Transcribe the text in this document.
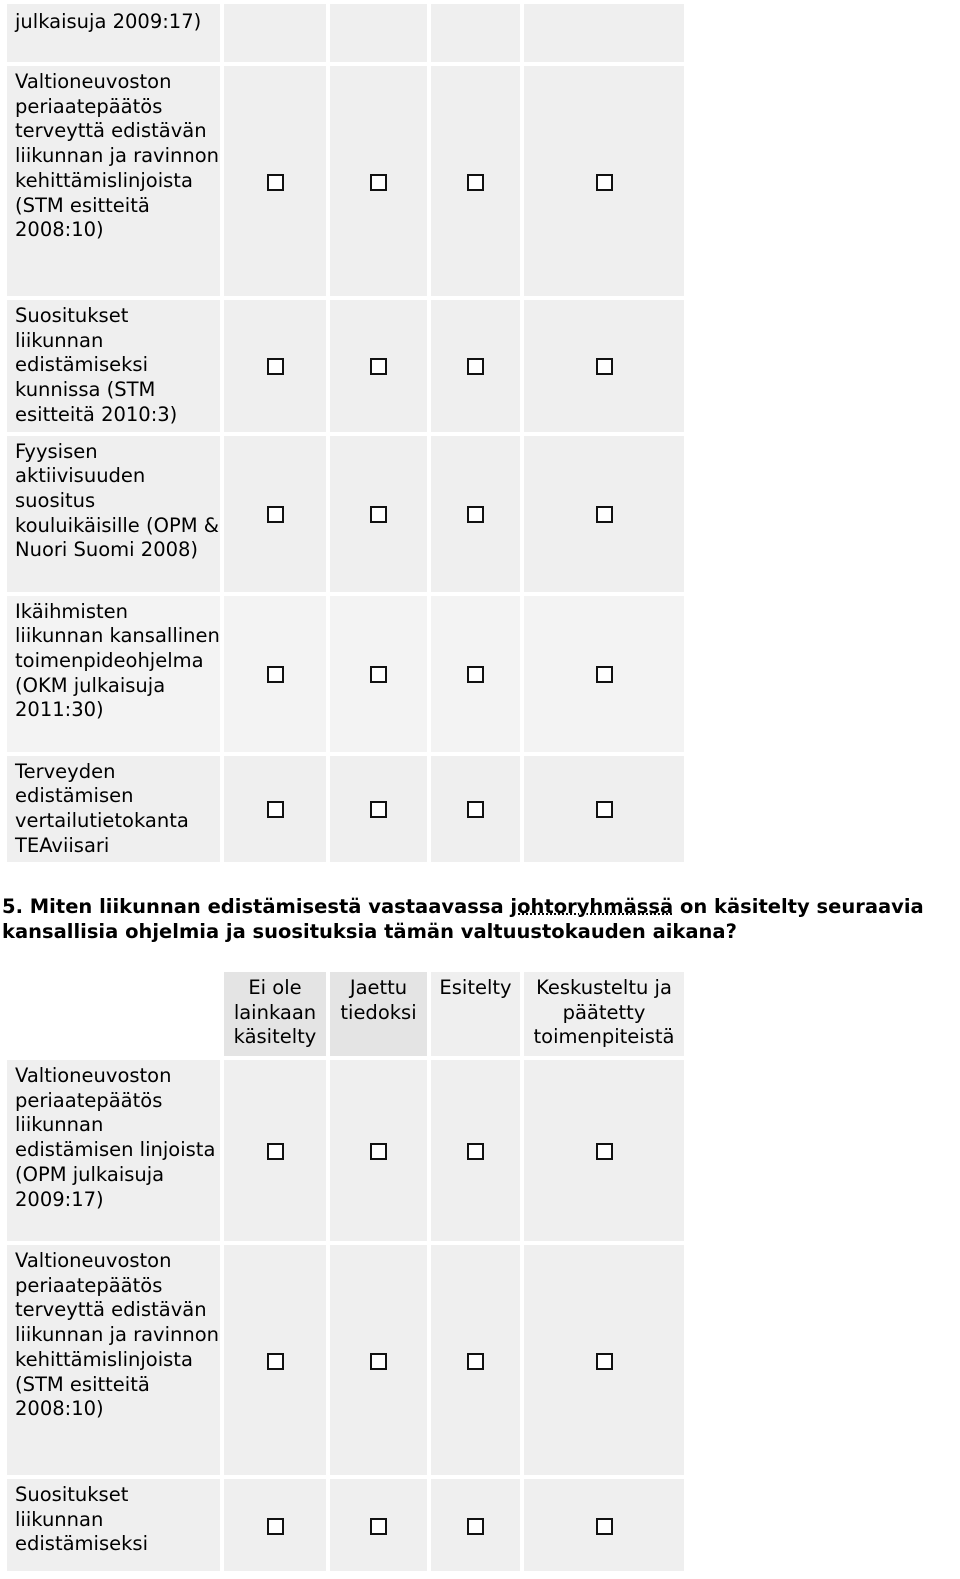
julkaisuja 2009:17)				
Valtioneuvoston periaatepäätös terveyttä edistävän liikunnan ja ravinnon kehittämislinjoista (STM esitteitä 2008:10)				
Suositukset liikunnan edistämiseksi kunnissa (STM esitteitä 2010:3)				
Fyysisen aktiivisuuden suositus kouluikäisille (OPM & Nuori Suomi 2008)				
Ikäihmisten liikunnan kansallinen toimenpideohjelma (OKM julkaisuja 2011:30)				
Terveyden edistämisen vertailutietokanta TEAviisari				
5. Miten liikunnan edistämisestä vastaavassa johtoryhmässä on käsitelty seuraavia kansallisia ohjelmia ja suosituksia tämän valtuustokauden aikana?
	Ei ole lainkaan käsitelty	Jaettu tiedoksi	Esitelty	Keskusteltu ja päätetty toimenpiteistä
Valtioneuvoston periaatepäätös liikunnan edistämisen linjoista (OPM julkaisuja 2009:17)				
Valtioneuvoston periaatepäätös terveyttä edistävän liikunnan ja ravinnon kehittämislinjoista (STM esitteitä 2008:10)				
Suositukset liikunnan edistämiseksi				
